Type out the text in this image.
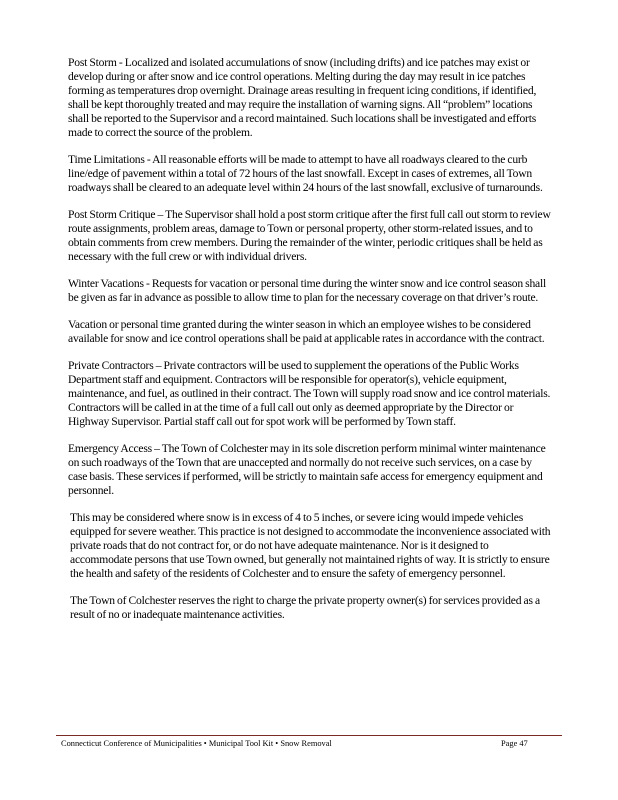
Post Storm - Localized and isolated accumulations of snow (including drifts) and ice patches may exist or develop during or after snow and ice control operations. Melting during the day may result in ice patches forming as temperatures drop overnight. Drainage areas resulting in frequent icing conditions, if identified, shall be kept thoroughly treated and may require the installation of warning signs. All “problem” locations shall be reported to the Supervisor and a record maintained. Such locations shall be investigated and efforts made to correct the source of the problem.

Time Limitations - All reasonable efforts will be made to attempt to have all roadways cleared to the curb line/edge of pavement within a total of 72 hours of the last snowfall. Except in cases of extremes, all Town roadways shall be cleared to an adequate level within 24 hours of the last snowfall, exclusive of turnarounds.

Post Storm Critique – The Supervisor shall hold a post storm critique after the first full call out storm to review route assignments, problem areas, damage to Town or personal property, other storm-related issues, and to obtain comments from crew members. During the remainder of the winter, periodic critiques shall be held as necessary with the full crew or with individual drivers.

Winter Vacations - Requests for vacation or personal time during the winter snow and ice control season shall be given as far in advance as possible to allow time to plan for the necessary coverage on that driver’s route.

Vacation or personal time granted during the winter season in which an employee wishes to be considered available for snow and ice control operations shall be paid at applicable rates in accordance with the contract.

Private Contractors – Private contractors will be used to supplement the operations of the Public Works Department staff and equipment. Contractors will be responsible for operator(s), vehicle equipment, maintenance, and fuel, as outlined in their contract. The Town will supply road snow and ice control materials. Contractors will be called in at the time of a full call out only as deemed appropriate by the Director or Highway Supervisor. Partial staff call out for spot work will be performed by Town staff.

Emergency Access – The Town of Colchester may in its sole discretion perform minimal winter maintenance on such roadways of the Town that are unaccepted and normally do not receive such services, on a case by case basis. These services if performed, will be strictly to maintain safe access for emergency equipment and personnel.

This may be considered where snow is in excess of 4 to 5 inches, or severe icing would impede vehicles equipped for severe weather. This practice is not designed to accommodate the inconvenience associated with private roads that do not contract for, or do not have adequate maintenance. Nor is it designed to accommodate persons that use Town owned, but generally not maintained rights of way. It is strictly to ensure the health and safety of the residents of Colchester and to ensure the safety of emergency personnel.

The Town of Colchester reserves the right to charge the private property owner(s) for services provided as a result of no or inadequate maintenance activities.

Connecticut Conference of Municipalities • Municipal Tool Kit • Snow Removal	Page 47
